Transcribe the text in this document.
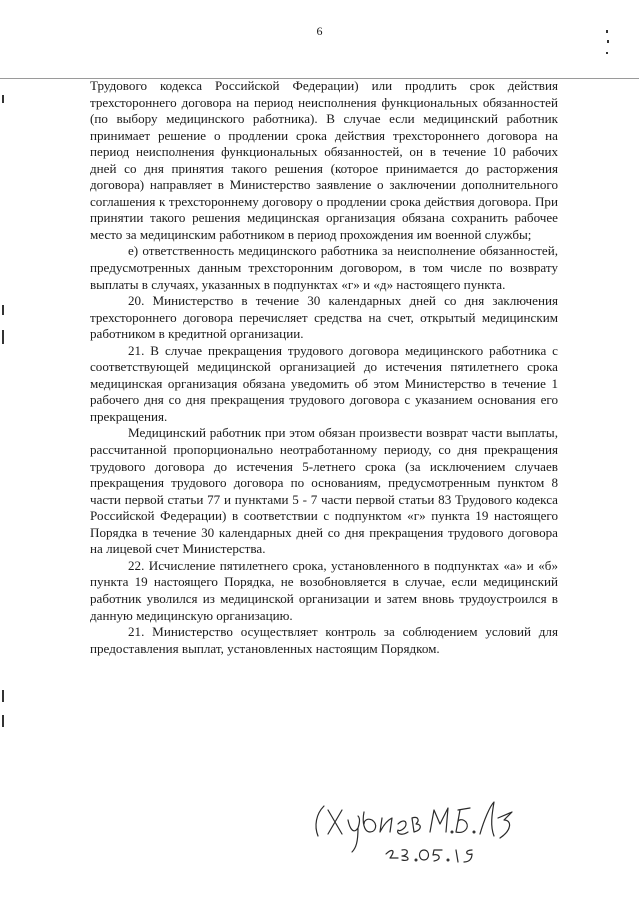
6

Трудового кодекса Российской Федерации) или продлить срок действия трехстороннего договора на период неисполнения функциональных обязанностей (по выбору медицинского работника). В случае если медицинский работник принимает решение о продлении срока действия трехстороннего договора на период неисполнения функциональных обязанностей, он в течение 10 рабочих дней со дня принятия такого решения (которое принимается до расторжения договора) направляет в Министерство заявление о заключении дополнительного соглашения к трехстороннему договору о продлении срока действия договора. При принятии такого решения медицинская организация обязана сохранить рабочее место за медицинским работником в период прохождения им военной службы;

е) ответственность медицинского работника за неисполнение обязанностей, предусмотренных данным трехсторонним договором, в том числе по возврату выплаты в случаях, указанных в подпунктах «г» и «д» настоящего пункта.

20. Министерство в течение 30 календарных дней со дня заключения трехстороннего договора перечисляет средства на счет, открытый медицинским работником в кредитной организации.

21. В случае прекращения трудового договора медицинского работника с соответствующей медицинской организацией до истечения пятилетнего срока медицинская организация обязана уведомить об этом Министерство в течение 1 рабочего дня со дня прекращения трудового договора с указанием основания его прекращения.

Медицинский работник при этом обязан произвести возврат части выплаты, рассчитанной пропорционально неотработанному периоду, со дня прекращения трудового договора до истечения 5-летнего срока (за исключением случаев прекращения трудового договора по основаниям, предусмотренным пунктом 8 части первой статьи 77 и пунктами 5 - 7 части первой статьи 83 Трудового кодекса Российской Федерации) в соответствии с подпунктом «г» пункта 19 настоящего Порядка в течение 30 календарных дней со дня прекращения трудового договора на лицевой счет Министерства.

22. Исчисление пятилетнего срока, установленного в подпунктах «а» и «б» пункта 19 настоящего Порядка, не возобновляется в случае, если медицинский работник уволился из медицинской организации и затем вновь трудоустроился в данную медицинскую организацию.

21. Министерство осуществляет контроль за соблюдением условий для предоставления выплат, установленных настоящим Порядком.
